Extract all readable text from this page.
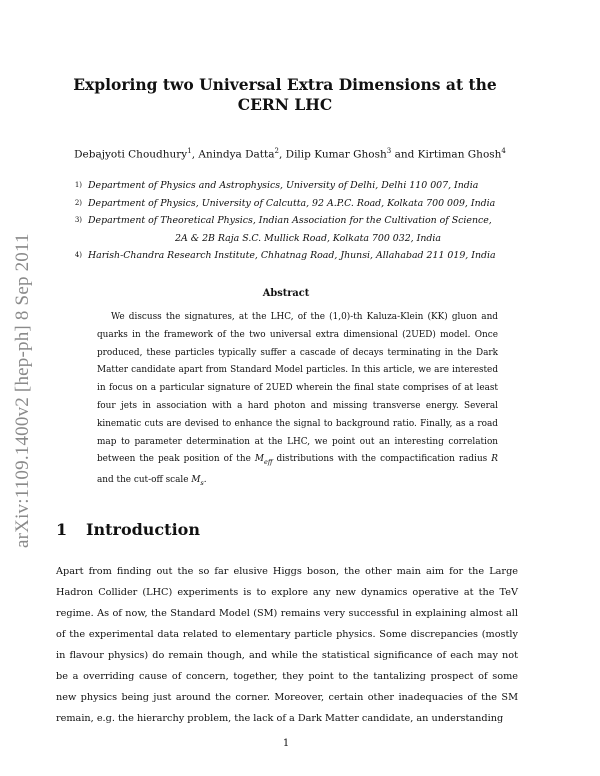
arXiv:1109.1400v2 [hep-ph] 8 Sep 2011
Exploring two Universal Extra Dimensions at the CERN LHC
Debajyoti Choudhury$^1$, Anindya Datta$^2$, Dilip Kumar Ghosh$^3$ and Kirtiman Ghosh$^4$
1) Department of Physics and Astrophysics, University of Delhi, Delhi 110 007, India
2) Department of Physics, University of Calcutta, 92 A.P.C. Road, Kolkata 700 009, India
3) Department of Theoretical Physics, Indian Association for the Cultivation of Science,
2A & 2B Raja S.C. Mullick Road, Kolkata 700 032, India
4) Harish-Chandra Research Institute, Chhatnag Road, Jhunsi, Allahabad 211 019, India
Abstract
We discuss the signatures, at the LHC, of the (1,0)-th Kaluza-Klein (KK) gluon and quarks in the framework of the two universal extra dimensional (2UED) model. Once produced, these particles typically suffer a cascade of decays terminating in the Dark Matter candidate apart from Standard Model particles. In this article, we are interested in focus on a particular signature of 2UED wherein the final state comprises of at least four jets in association with a hard photon and missing transverse energy. Several kinematic cuts are devised to enhance the signal to background ratio. Finally, as a road map to parameter determination at the LHC, we point out an interesting correlation between the peak position of the $M_{eff}$ distributions with the compactification radius R and the cut-off scale $M_s$.
1 Introduction
Apart from finding out the so far elusive Higgs boson, the other main aim for the Large Hadron Collider (LHC) experiments is to explore any new dynamics operative at the TeV regime. As of now, the Standard Model (SM) remains very successful in explaining almost all of the experimental data related to elementary particle physics. Some discrepancies (mostly in flavour physics) do remain though, and while the statistical significance of each may not be a overriding cause of concern, together, they point to the tantalizing prospect of some new physics being just around the corner. Moreover, certain other inadequacies of the SM remain, e.g. the hierarchy problem, the lack of a Dark Matter candidate, an understanding
1
